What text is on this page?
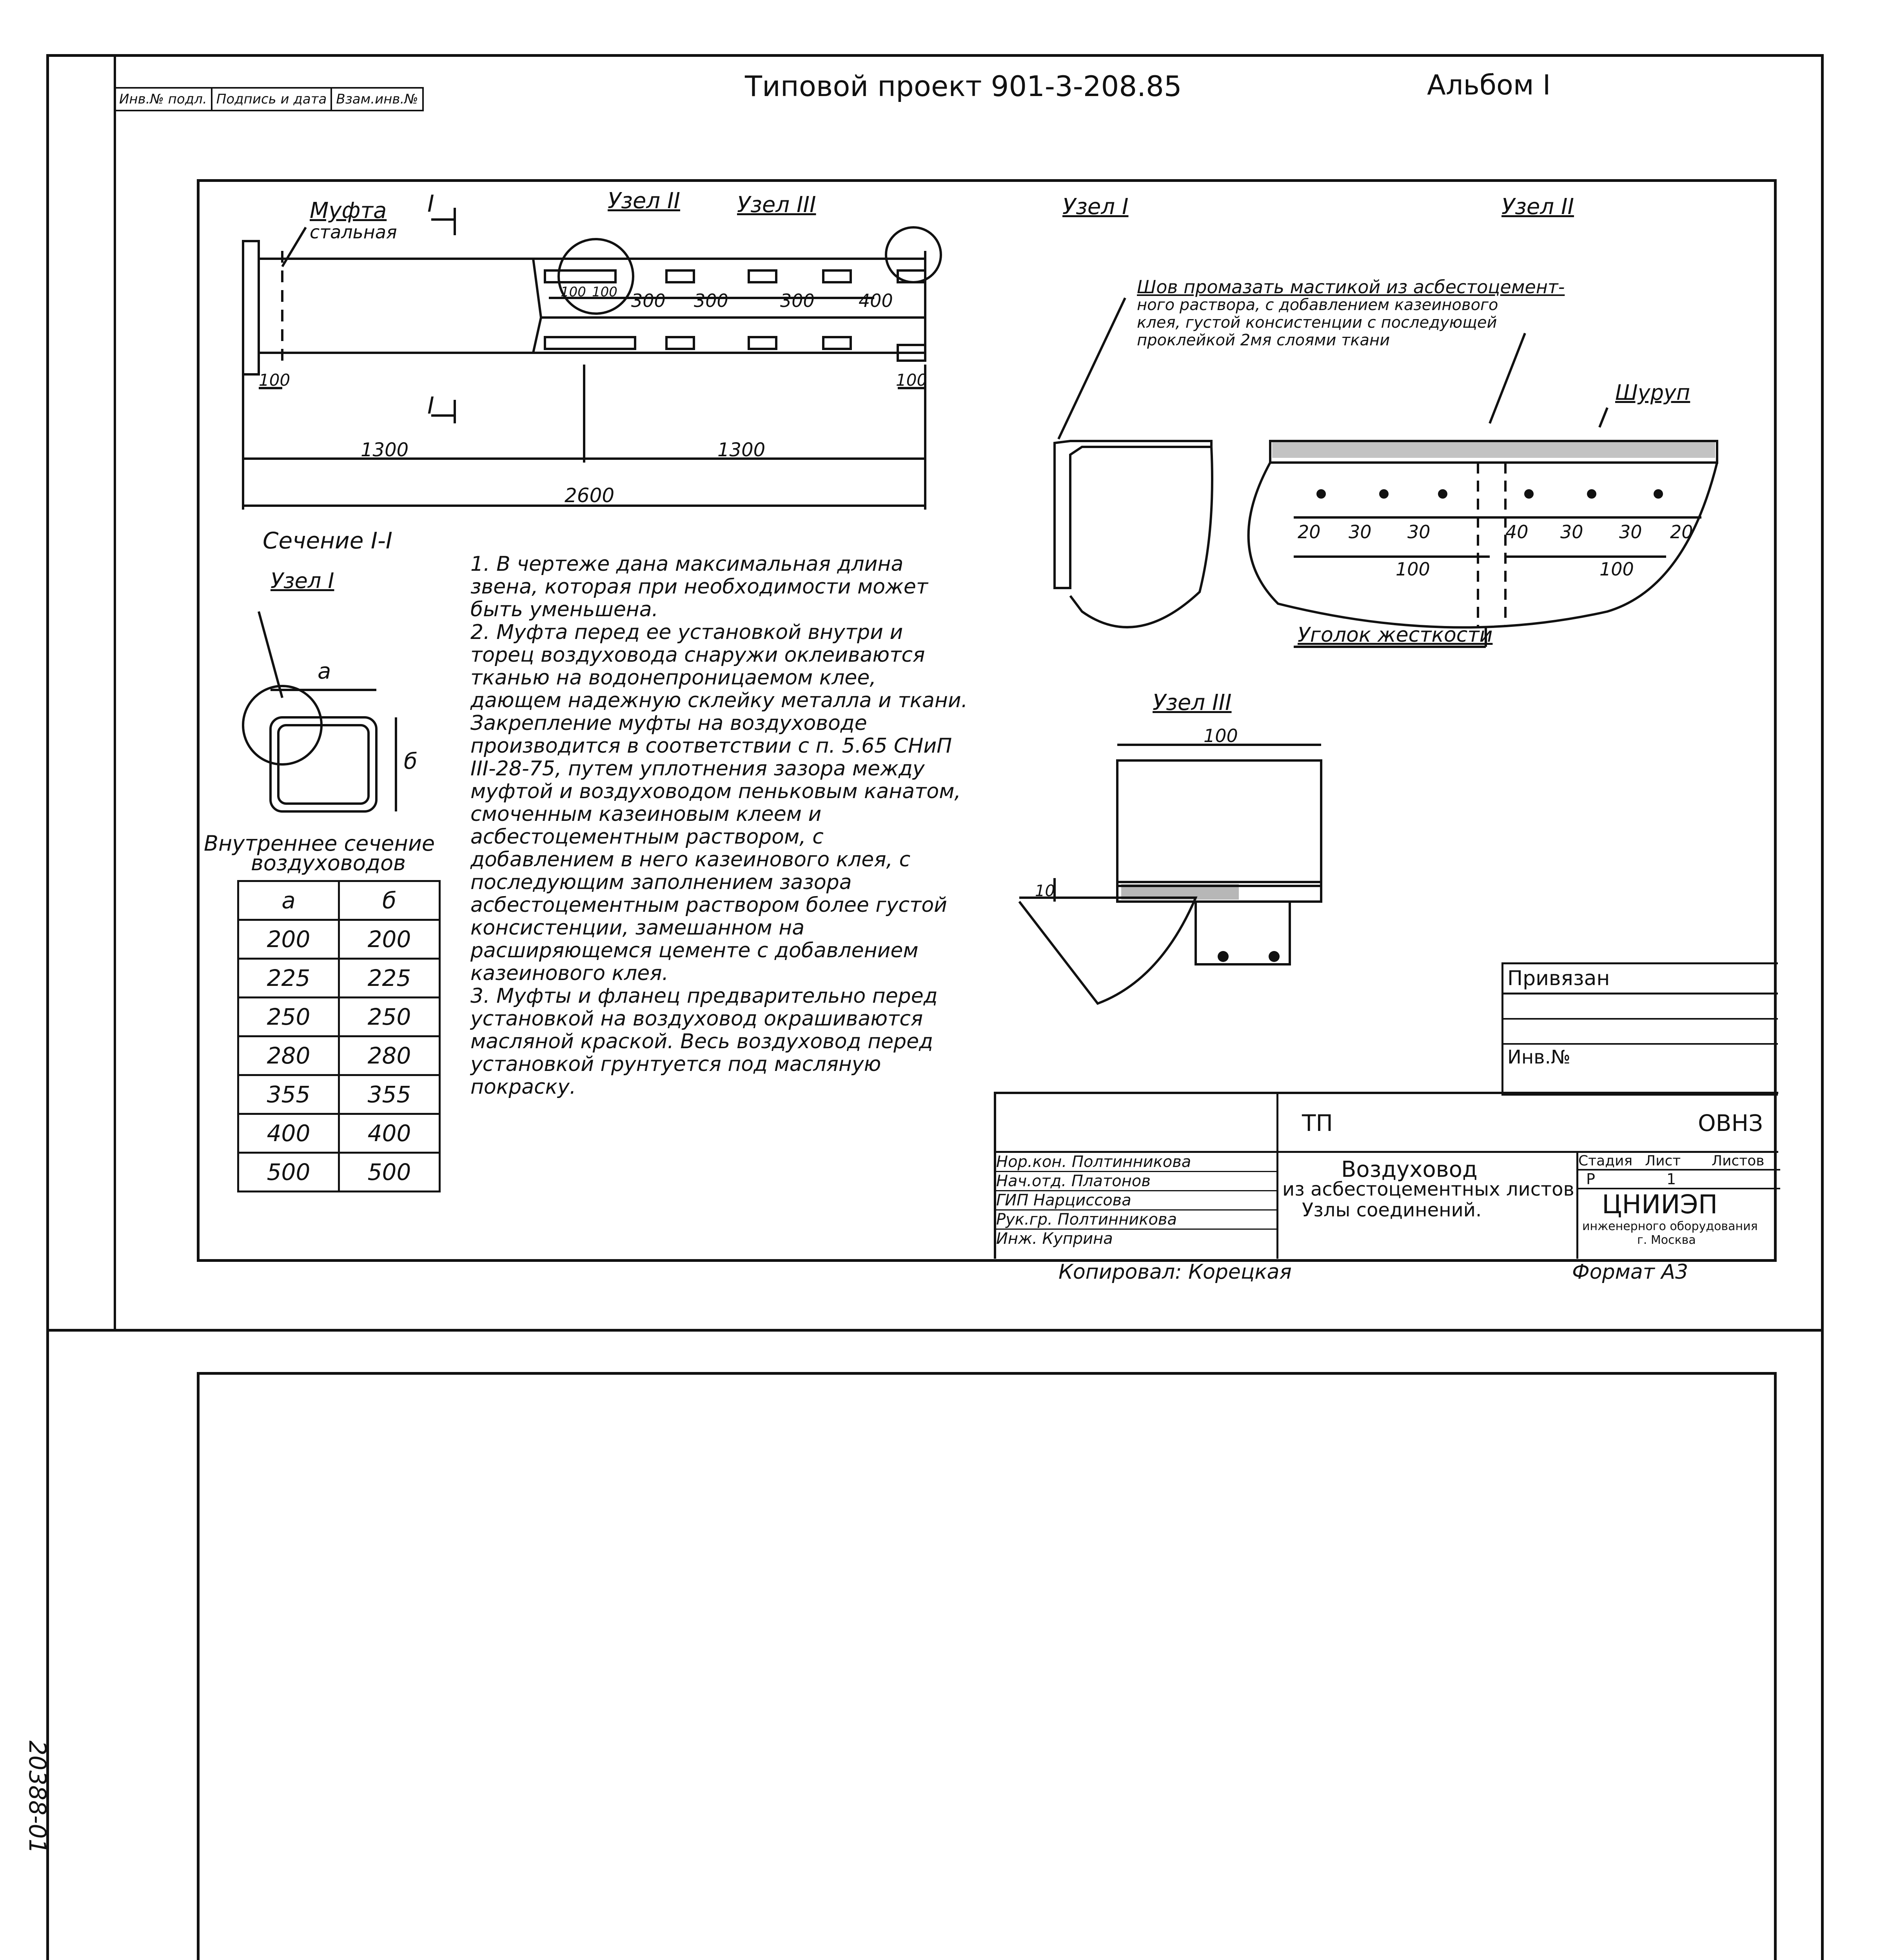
Инв.№ подл.	Подпись и дата	Взам.инв.№	Типовой проект 901-3-208.85	Альбом I
Муфта
стальная
I
I
Узел II	Узел III
100
100 100 300 300	300 400
100
1300	1300
2600
Сечение I-I
Узел I
а
б
Внутреннее сечение
воздуховодов
а	б
200	200
225	225
250	250
280	280
355	355
400	400
500	500
1. В чертеже дана максимальная длина звена, которая при необходимости может быть уменьшена.
2. Муфта перед ее установкой внутри и торец воздуховода снаружи оклеиваются тканью на водонепроницаемом клее, дающем надежную склейку металла и ткани. Закрепление муфты на воздуховоде производится в соответствии с п. 5.65 СНиП III-28-75, путем уплотнения зазора между муфтой и воздуховодом пеньковым канатом, смоченным казеиновым клеем и асбестоцементным раствором, с добавлением в него казеинового клея, с последующим заполнением зазора асбестоцементным раствором более густой консистенции, замешанном на расширяющемся цементе с добавлением казеинового клея.
3. Муфты и фланец предварительно перед установкой на воздуховод окрашиваются масляной краской. Весь воздуховод перед установкой грунтуется под масляную покраску.
Узел I	Узел II
Шов промазать мастикой из асбестоцемент-
ного раствора, с добавлением казеинового
клея, густой консистенции с последующей
проклейкой 2мя слоями ткани
Шуруп
20 30 30	40 30 30 20
100	100
Уголок жесткости
Узел III
100
10
Привязан
Инв.№
ТП	ОВНЗ
Нор.кон. Полтинникова
Нач.отд. Платонов
ГИП Нарциссова
Рук.гр. Полтинникова
Инж. Куприна
Воздуховод
из асбестоцементных листов.
Узлы соединений.
Стадия Лист	Листов
Р	1
ЦНИИЭП
инженерного оборудования
г. Москва
Копировал: Корецкая	Формат А3
20388-01
